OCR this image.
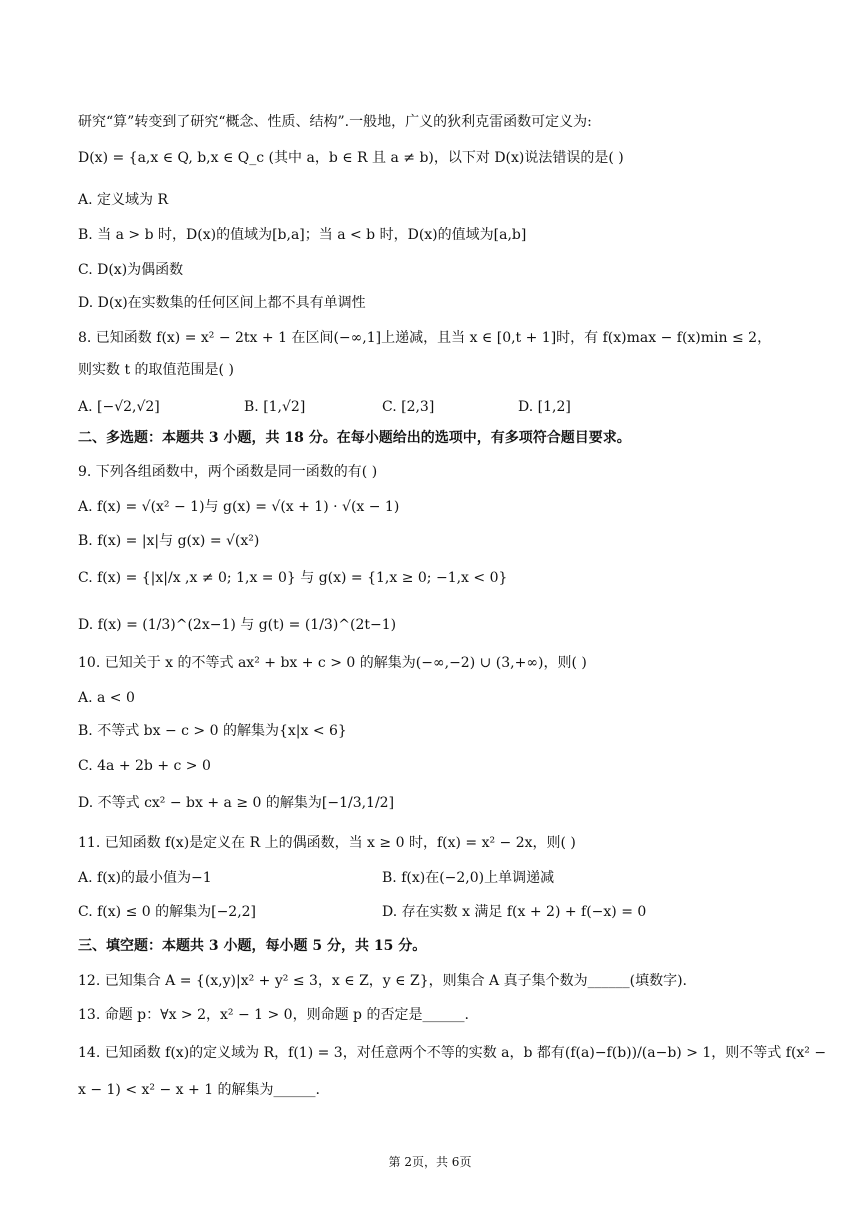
研究“算”转变到了研究“概念、性质、结构”.一般地，广义的狄利克雷函数可定义为:
D(x) = {a,x ∈ Q, b,x ∈ Q_c (其中 a，b ∈ R 且 a ≠ b)，以下对 D(x)说法错误的是( )
A. 定义域为 R
B. 当 a > b 时，D(x)的值域为[b,a]；当 a < b 时，D(x)的值域为[a,b]
C. D(x)为偶函数
D. D(x)在实数集的任何区间上都不具有单调性
8. 已知函数 f(x) = x² − 2tx + 1 在区间(−∞,1]上递减，且当 x ∈ [0,t + 1]时，有 f(x)max − f(x)min ≤ 2，
则实数 t 的取值范围是( )
A. [−√2,√2]	B. [1,√2]	C. [2,3]	D. [1,2]
二、多选题：本题共 3 小题，共 18 分。在每小题给出的选项中，有多项符合题目要求。
9. 下列各组函数中，两个函数是同一函数的有( )
A. f(x) = √(x² − 1)与 g(x) = √(x + 1) · √(x − 1)
B. f(x) = |x|与 g(x) = √(x²)
C. f(x) = {|x|/x ,x ≠ 0; 1,x = 0} 与 g(x) = {1,x ≥ 0; −1,x < 0}
D. f(x) = (1/3)^(2x−1) 与 g(t) = (1/3)^(2t−1)
10. 已知关于 x 的不等式 ax² + bx + c > 0 的解集为(−∞,−2) ∪ (3,+∞)，则( )
A. a < 0
B. 不等式 bx − c > 0 的解集为{x|x < 6}
C. 4a + 2b + c > 0
D. 不等式 cx² − bx + a ≥ 0 的解集为[−1/3,1/2]
11. 已知函数 f(x)是定义在 R 上的偶函数，当 x ≥ 0 时，f(x) = x² − 2x，则( )
A. f(x)的最小值为−1	B. f(x)在(−2,0)上单调递减
C. f(x) ≤ 0 的解集为[−2,2]	D. 存在实数 x 满足 f(x + 2) + f(−x) = 0
三、填空题：本题共 3 小题，每小题 5 分，共 15 分。
12. 已知集合 A = {(x,y)|x² + y² ≤ 3，x ∈ Z，y ∈ Z}，则集合 A 真子集个数为______(填数字).
13. 命题 p：∀x > 2，x² − 1 > 0，则命题 p 的否定是______.
14. 已知函数 f(x)的定义域为 R，f(1) = 3，对任意两个不等的实数 a，b 都有(f(a)−f(b))/(a−b) > 1，则不等式 f(x² −
x − 1) < x² − x + 1 的解集为______.
第 2页，共 6页
